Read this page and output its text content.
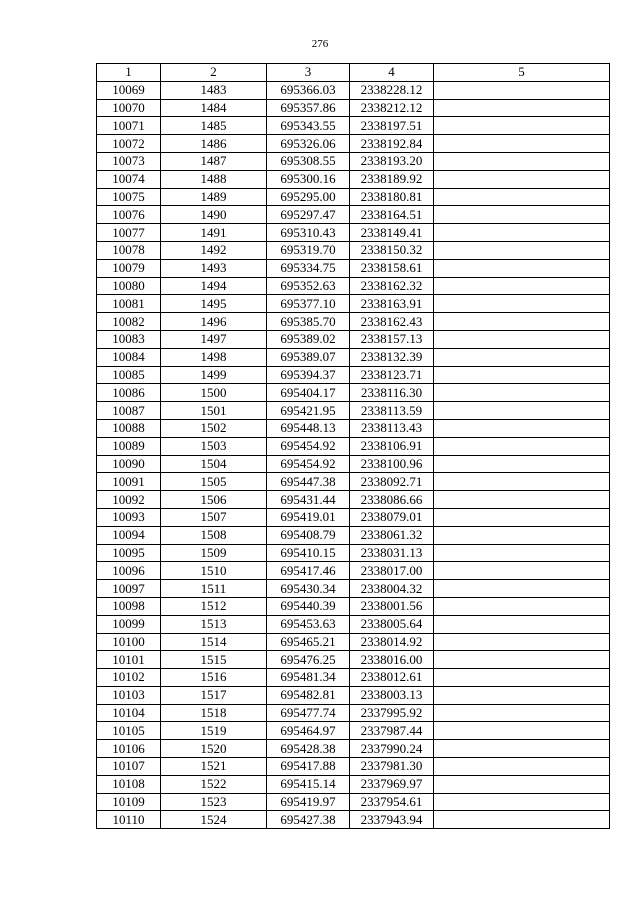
276
1	2	3	4	5
10069	1483	695366.03	2338228.12	
10070	1484	695357.86	2338212.12	
10071	1485	695343.55	2338197.51	
10072	1486	695326.06	2338192.84	
10073	1487	695308.55	2338193.20	
10074	1488	695300.16	2338189.92	
10075	1489	695295.00	2338180.81	
10076	1490	695297.47	2338164.51	
10077	1491	695310.43	2338149.41	
10078	1492	695319.70	2338150.32	
10079	1493	695334.75	2338158.61	
10080	1494	695352.63	2338162.32	
10081	1495	695377.10	2338163.91	
10082	1496	695385.70	2338162.43	
10083	1497	695389.02	2338157.13	
10084	1498	695389.07	2338132.39	
10085	1499	695394.37	2338123.71	
10086	1500	695404.17	2338116.30	
10087	1501	695421.95	2338113.59	
10088	1502	695448.13	2338113.43	
10089	1503	695454.92	2338106.91	
10090	1504	695454.92	2338100.96	
10091	1505	695447.38	2338092.71	
10092	1506	695431.44	2338086.66	
10093	1507	695419.01	2338079.01	
10094	1508	695408.79	2338061.32	
10095	1509	695410.15	2338031.13	
10096	1510	695417.46	2338017.00	
10097	1511	695430.34	2338004.32	
10098	1512	695440.39	2338001.56	
10099	1513	695453.63	2338005.64	
10100	1514	695465.21	2338014.92	
10101	1515	695476.25	2338016.00	
10102	1516	695481.34	2338012.61	
10103	1517	695482.81	2338003.13	
10104	1518	695477.74	2337995.92	
10105	1519	695464.97	2337987.44	
10106	1520	695428.38	2337990.24	
10107	1521	695417.88	2337981.30	
10108	1522	695415.14	2337969.97	
10109	1523	695419.97	2337954.61	
10110	1524	695427.38	2337943.94	
